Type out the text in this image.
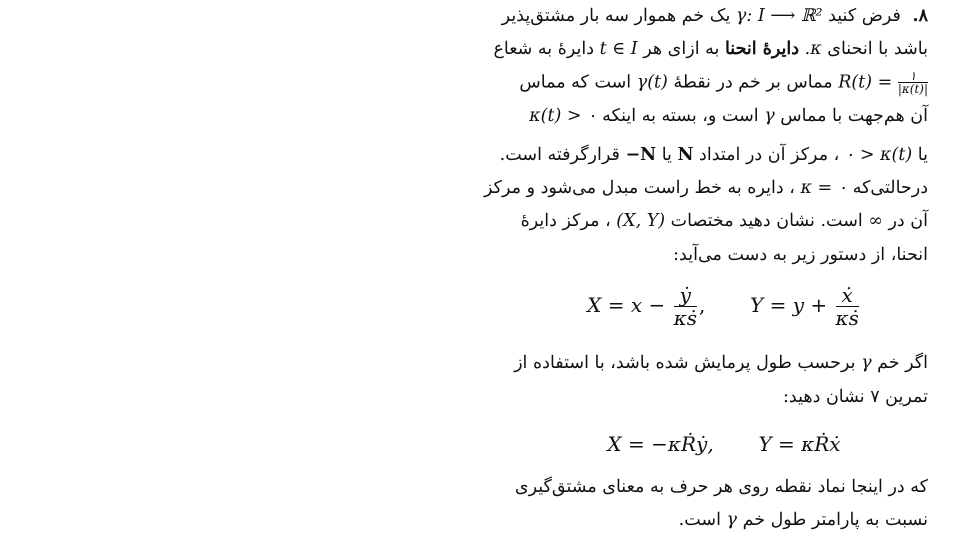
۸. فرض کنید γ: I ⟶ ℝ² یک خم هموار سه بار مشتق‌پذیر
باشد با انحنای κ. دایرهٔ انحنا به ازای هر t ∈ I دایرهٔ به شعاع
R(t) =	۱
|κ(t)|
مماس بر خم در نقطهٔ γ(t) است که مماس
آن هم‌جهت با مماس γ است و، بسته به اینکه κ(t) > ۰
یا ۰ > κ(t) ، مرکز آن در امتداد N یا −N قرارگرفته است.
درحالتی‌که κ = ۰ ، دایره به خط راست مبدل می‌شود و مرکز
آن در ∞ است. نشان دهید مختصات (X, Y) ، مرکز دایرهٔ
انحنا، از دستور زیر به دست می‌آید:
اگر خم γ برحسب طول پرمایش شده باشد، با استفاده از
تمرین ۷ نشان دهید:
که در اینجا نماد نقطه روی هر حرف به معنای مشتق‌گیری
نسبت به پارامتر طول خم γ است.
$X = x - \frac{\text{ẏ}}{\text{κṡ}}$ , $Y = y + \frac{\text{ẋ}}{\text{κṡ}}$
X = −κṘẏ, Y = κṘẋ
